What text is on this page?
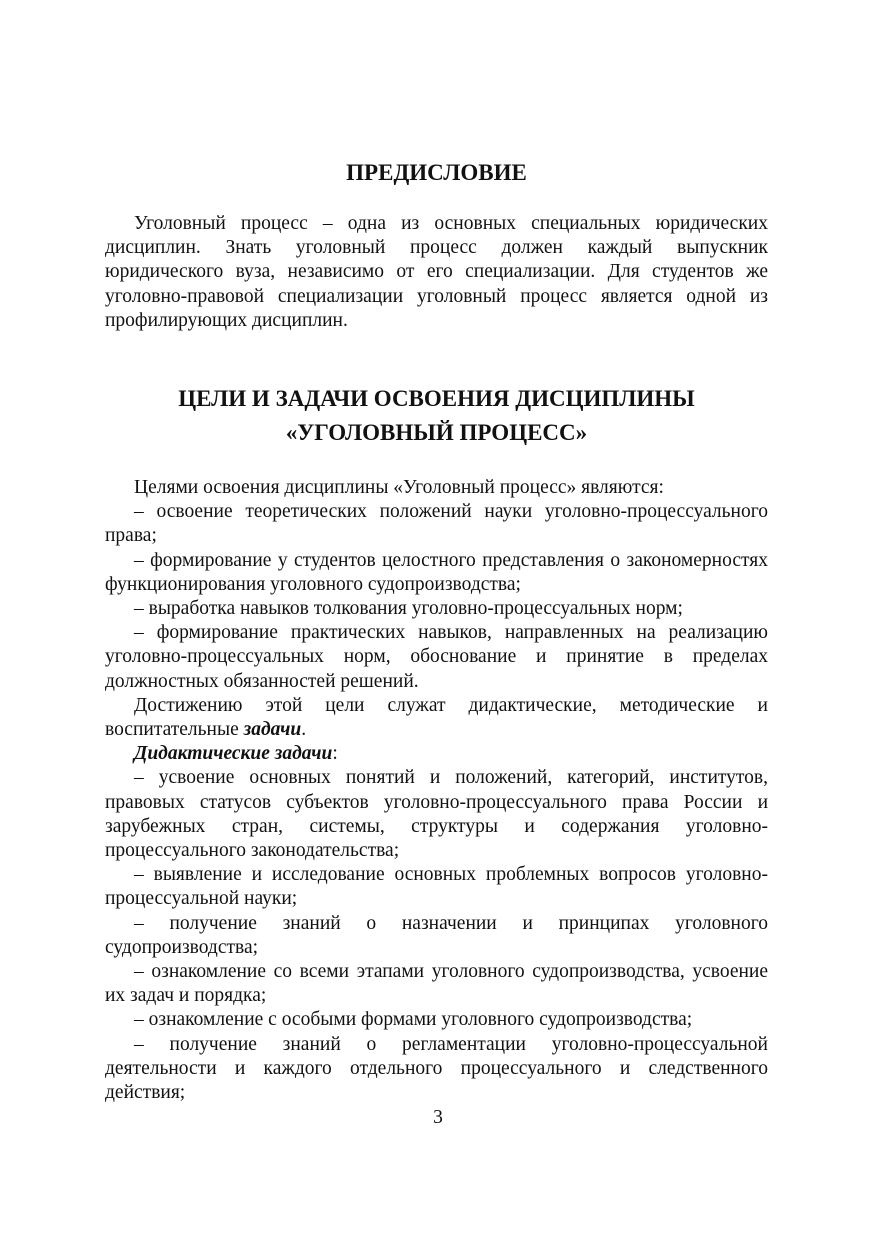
ПРЕДИСЛОВИЕ

Уголовный процесс – одна из основных специальных юридических дисциплин. Знать уголовный процесс должен каждый выпускник юридического вуза, независимо от его специализации. Для студентов же уголовно-правовой специализации уголовный процесс является одной из профилирующих дисциплин.

ЦЕЛИ И ЗАДАЧИ ОСВОЕНИЯ ДИСЦИПЛИНЫ
«УГОЛОВНЫЙ ПРОЦЕСС»

Целями освоения дисциплины «Уголовный процесс» являются:

– освоение теоретических положений науки уголовно-процессуального права;

– формирование у студентов целостного представления о закономерностях функционирования уголовного судопроизводства;

– выработка навыков толкования уголовно-процессуальных норм;

– формирование практических навыков, направленных на реализацию уголовно-процессуальных норм, обоснование и принятие в пределах должностных обязанностей решений.

Достижению этой цели служат дидактические, методические и воспитательные задачи.

Дидактические задачи:

– усвоение основных понятий и положений, категорий, институтов, правовых статусов субъектов уголовно-процессуального права России и зарубежных стран, системы, структуры и содержания уголовно-процессуального законодательства;

– выявление и исследование основных проблемных вопросов уголовно-процессуальной науки;

– получение знаний о назначении и принципах уголовного судопроизводства;

– ознакомление со всеми этапами уголовного судопроизводства, усвоение их задач и порядка;

– ознакомление с особыми формами уголовного судопроизводства;

– получение знаний о регламентации уголовно-процессуальной деятельности и каждого отдельного процессуального и следственного действия;

3
